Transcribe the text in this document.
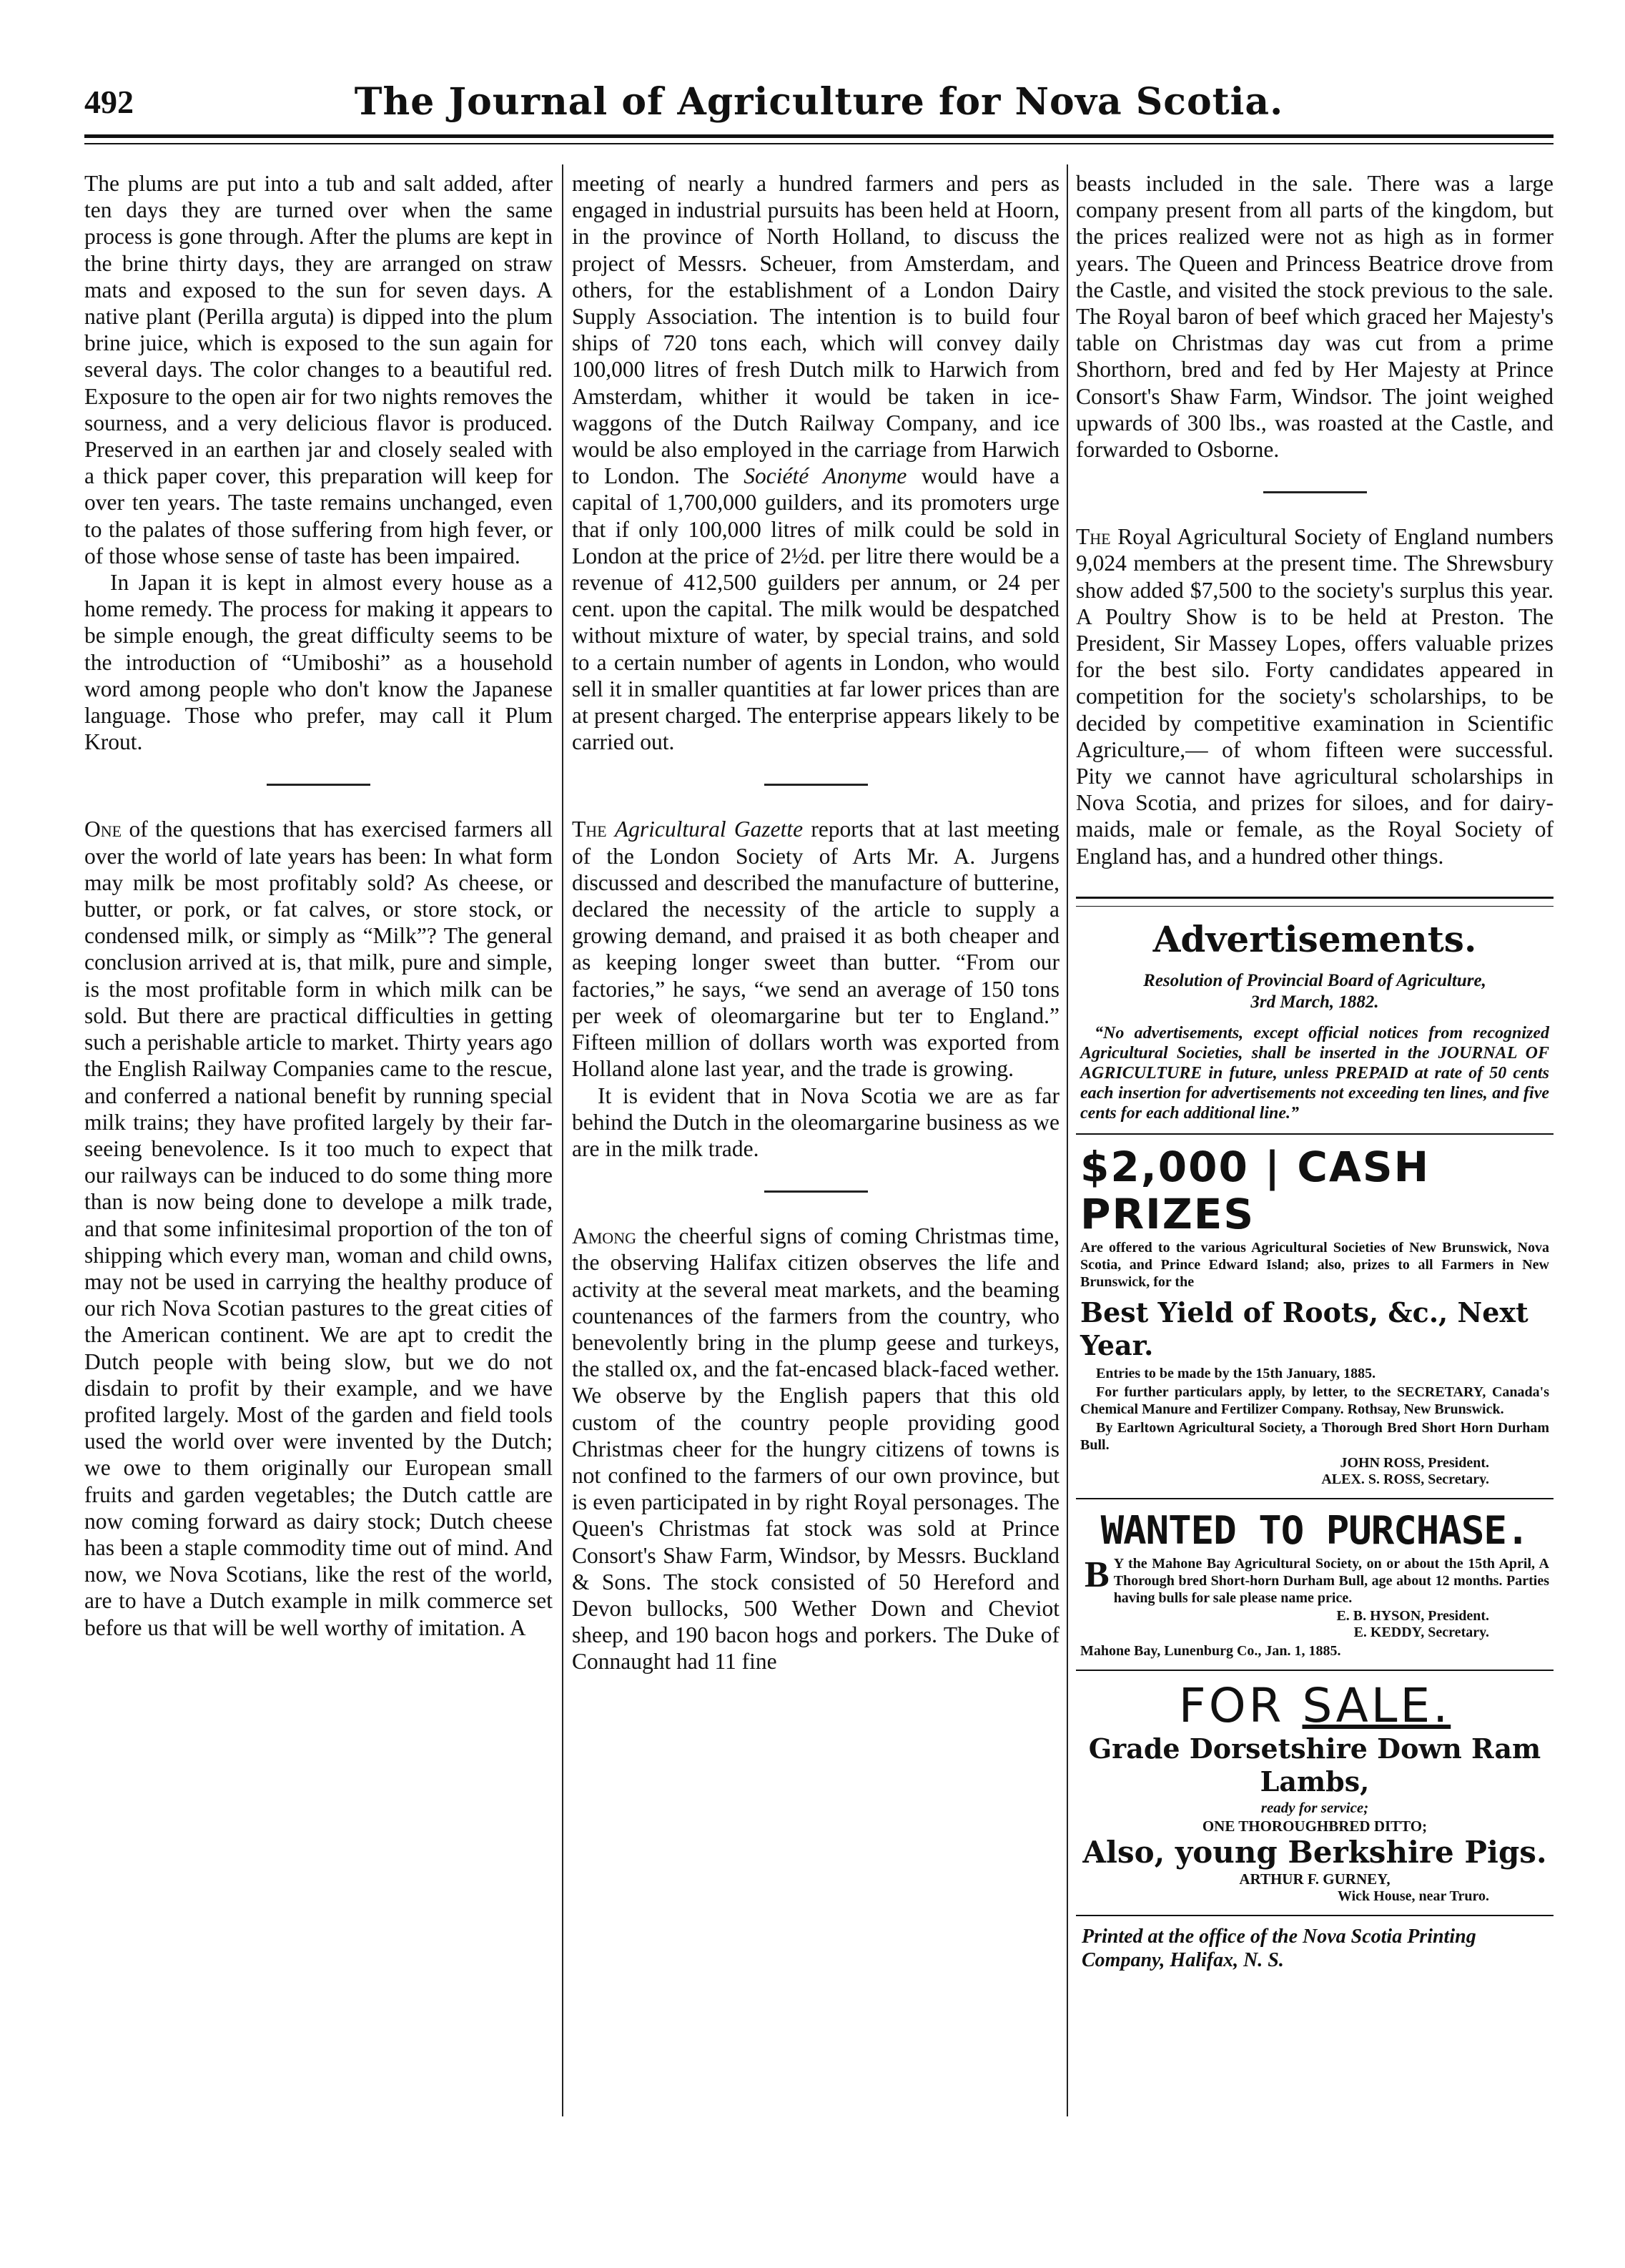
492	The Journal of Agriculture for Nova Scotia.

The plums are put into a tub and salt added, after ten days they are turned over when the same process is gone through. After the plums are kept in the brine thirty days, they are arranged on straw mats and exposed to the sun for seven days. A native plant (Perilla arguta) is dipped into the plum brine juice, which is exposed to the sun again for several days. The color changes to a beautiful red. Exposure to the open air for two nights removes the sourness, and a very delicious flavor is produced. Preserved in an earthen jar and closely sealed with a thick paper cover, this preparation will keep for over ten years. The taste remains unchanged, even to the palates of those suffering from high fever, or of those whose sense of taste has been impaired.

In Japan it is kept in almost every house as a home remedy. The process for making it appears to be simple enough, the great difficulty seems to be the introduction of “Umiboshi” as a household word among people who don't know the Japanese language. Those who prefer, may call it Plum Krout.

One of the questions that has exercised farmers all over the world of late years has been: In what form may milk be most profitably sold? As cheese, or butter, or pork, or fat calves, or store stock, or condensed milk, or simply as “Milk”? The general conclusion arrived at is, that milk, pure and simple, is the most profitable form in which milk can be sold. But there are practical difficulties in getting such a perishable article to market. Thirty years ago the English Railway Companies came to the rescue, and conferred a national benefit by running special milk trains; they have profited largely by their far-seeing benevolence. Is it too much to expect that our railways can be induced to do some thing more than is now being done to develope a milk trade, and that some infinitesimal proportion of the ton of shipping which every man, woman and child owns, may not be used in carrying the healthy produce of our rich Nova Scotian pastures to the great cities of the American continent. We are apt to credit the Dutch people with being slow, but we do not disdain to profit by their example, and we have profited largely. Most of the garden and field tools used the world over were invented by the Dutch; we owe to them originally our European small fruits and garden vegetables; the Dutch cattle are now coming forward as dairy stock; Dutch cheese has been a staple commodity time out of mind. And now, we Nova Scotians, like the rest of the world, are to have a Dutch example in milk commerce set before us that will be well worthy of imitation. A

meeting of nearly a hundred farmers and pers as engaged in industrial pursuits has been held at Hoorn, in the province of North Holland, to discuss the project of Messrs. Scheuer, from Amsterdam, and others, for the establishment of a London Dairy Supply Association. The intention is to build four ships of 720 tons each, which will convey daily 100,000 litres of fresh Dutch milk to Harwich from Amsterdam, whither it would be taken in ice-waggons of the Dutch Railway Company, and ice would be also employed in the carriage from Harwich to London. The Société Anonyme would have a capital of 1,700,000 guilders, and its promoters urge that if only 100,000 litres of milk could be sold in London at the price of 2½d. per litre there would be a revenue of 412,500 guilders per annum, or 24 per cent. upon the capital. The milk would be despatched without mixture of water, by special trains, and sold to a certain number of agents in London, who would sell it in smaller quantities at far lower prices than are at present charged. The enterprise appears likely to be carried out.

The Agricultural Gazette reports that at last meeting of the London Society of Arts Mr. A. Jurgens discussed and described the manufacture of butterine, declared the necessity of the article to supply a growing demand, and praised it as both cheaper and as keeping longer sweet than butter. “From our factories,” he says, “we send an average of 150 tons per week of oleomargarine but ter to England.” Fifteen million of dollars worth was exported from Holland alone last year, and the trade is growing.

It is evident that in Nova Scotia we are as far behind the Dutch in the oleomargarine business as we are in the milk trade.

Among the cheerful signs of coming Christmas time, the observing Halifax citizen observes the life and activity at the several meat markets, and the beaming countenances of the farmers from the country, who benevolently bring in the plump geese and turkeys, the stalled ox, and the fat-encased black-faced wether. We observe by the English papers that this old custom of the country people providing good Christmas cheer for the hungry citizens of towns is not confined to the farmers of our own province, but is even participated in by right Royal personages. The Queen's Christmas fat stock was sold at Prince Consort's Shaw Farm, Windsor, by Messrs. Buckland & Sons. The stock consisted of 50 Hereford and Devon bullocks, 500 Wether Down and Cheviot sheep, and 190 bacon hogs and porkers. The Duke of Connaught had 11 fine

beasts included in the sale. There was a large company present from all parts of the kingdom, but the prices realized were not as high as in former years. The Queen and Princess Beatrice drove from the Castle, and visited the stock previous to the sale. The Royal baron of beef which graced her Majesty's table on Christmas day was cut from a prime Shorthorn, bred and fed by Her Majesty at Prince Consort's Shaw Farm, Windsor. The joint weighed upwards of 300 lbs., was roasted at the Castle, and forwarded to Osborne.

The Royal Agricultural Society of England numbers 9,024 members at the present time. The Shrewsbury show added $7,500 to the society's surplus this year. A Poultry Show is to be held at Preston. The President, Sir Massey Lopes, offers valuable prizes for the best silo. Forty candidates appeared in competition for the society's scholarships, to be decided by competitive examination in Scientific Agriculture,— of whom fifteen were successful. Pity we cannot have agricultural scholarships in Nova Scotia, and prizes for siloes, and for dairy-maids, male or female, as the Royal Society of England has, and a hundred other things.

Advertisements.
Resolution of Provincial Board of Agriculture,
3rd March, 1882.
“No advertisements, except official notices from recognized Agricultural Societies, shall be inserted in the JOURNAL OF AGRICULTURE in future, unless PREPAID at rate of 50 cents each insertion for advertisements not exceeding ten lines, and five cents for each additional line.”
$2,000 | CASH PRIZES
Are offered to the various Agricultural Societies of New Brunswick, Nova Scotia, and Prince Edward Island; also, prizes to all Farmers in New Brunswick, for the
Best Yield of Roots, &c., Next Year.
Entries to be made by the 15th January, 1885.
For further particulars apply, by letter, to the SECRETARY, Canada's Chemical Manure and Fertilizer Company. Rothsay, New Brunswick.
By Earltown Agricultural Society, a Thorough Bred Short Horn Durham Bull.
JOHN ROSS, President.
ALEX. S. ROSS, Secretary.
WANTED TO PURCHASE.
B Y the Mahone Bay Agricultural Society, on or about the 15th April, A Thorough bred Short-horn Durham Bull, age about 12 months. Parties having bulls for sale please name price.
E. B. HYSON, President.
E. KEDDY, Secretary.
Mahone Bay, Lunenburg Co., Jan. 1, 1885.
FOR SALE.
Grade Dorsetshire Down Ram Lambs,
ready for service;
ONE THOROUGHBRED DITTO;
Also, young Berkshire Pigs.
ARTHUR F. GURNEY,
Wick House, near Truro.
Printed at the office of the Nova Scotia Printing Company, Halifax, N. S.
